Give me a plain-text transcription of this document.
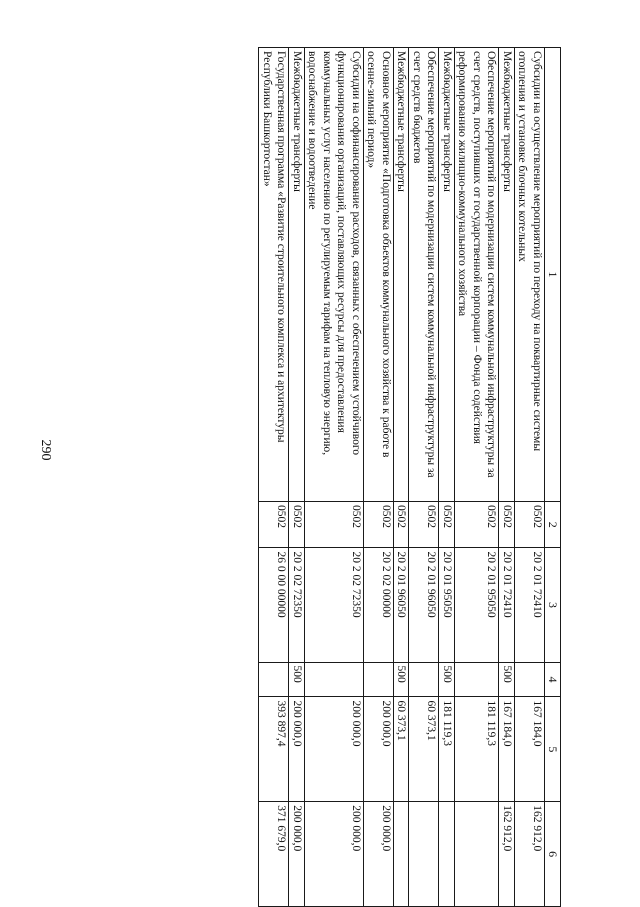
290
1	2	3	4	5	6
Субсидии на осуществление мероприятий по переходу на поквартирные системы отопления и установке блочных котельных	0502	20 2 01 72410		167 184,0	162 912,0
Межбюджетные трансферты	0502	20 2 01 72410	500	167 184,0	162 912,0
Обеспечение мероприятий по модернизации систем коммунальной инфраструктуры за счет средств, поступивших от государственной корпорации – Фонда содействия реформированию жилищно-коммунального хозяйства	0502	20 2 01 95050		181 119,3	
Межбюджетные трансферты	0502	20 2 01 95050	500	181 119,3	
Обеспечение мероприятий по модернизации систем коммунальной инфраструктуры за счет средств бюджетов	0502	20 2 01 96050		60 373,1	
Межбюджетные трансферты	0502	20 2 01 96050	500	60 373,1	
Основное мероприятие «Подготовка объектов коммунального хозяйства к работе в осенне-зимний период»	0502	20 2 02 00000		200 000,0	200 000,0
Субсидии на софинансирование расходов, связанных с обеспечением устойчивого функционирования организаций, поставляющих ресурсы для предоставления коммунальных услуг населению по регулируемым тарифам на тепловую энергию, водоснабжение и водоотведение	0502	20 2 02 72350		200 000,0	200 000,0
Межбюджетные трансферты	0502	20 2 02 72350	500	200 000,0	200 000,0
Государственная программа «Развитие строительного комплекса и архитектуры Республики Башкортостан»	0502	26 0 00 00000		393 897,4	371 679,0
